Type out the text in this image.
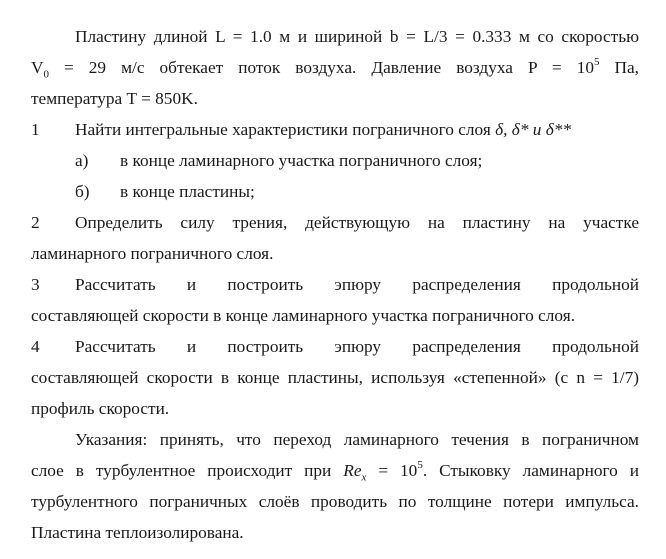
Пластину длиной L = 1.0 м и шириной b = L/3 = 0.333 м со скоростью

$V_0 = 29$ м/с обтекает поток воздуха. Давление воздуха $P = 10^5$ Па,

температура T = 850K.

1	Найти интегральные характеристики пограничного слоя δ, δ* и δ**
а)	в конце ламинарного участка пограничного слоя;
б)	в конце пластины;
2	Определить силу трения, действующую на пластину на участке

ламинарного пограничного слоя.

3	Рассчитать и построить эпюру распределения продольной

составляющей скорости в конце ламинарного участка пограничного слоя.

4	Рассчитать и построить эпюру распределения продольной

составляющей скорости в конце пластины, используя «степенной» (с n = 1/7)

профиль скорости.

Указания: принять, что переход ламинарного течения в пограничном

слое в турбулентное происходит при $Re_x = 10^5$. Стыковку ламинарного и

турбулентного пограничных слоёв проводить по толщине потери импульса.

Пластина теплоизолирована.
